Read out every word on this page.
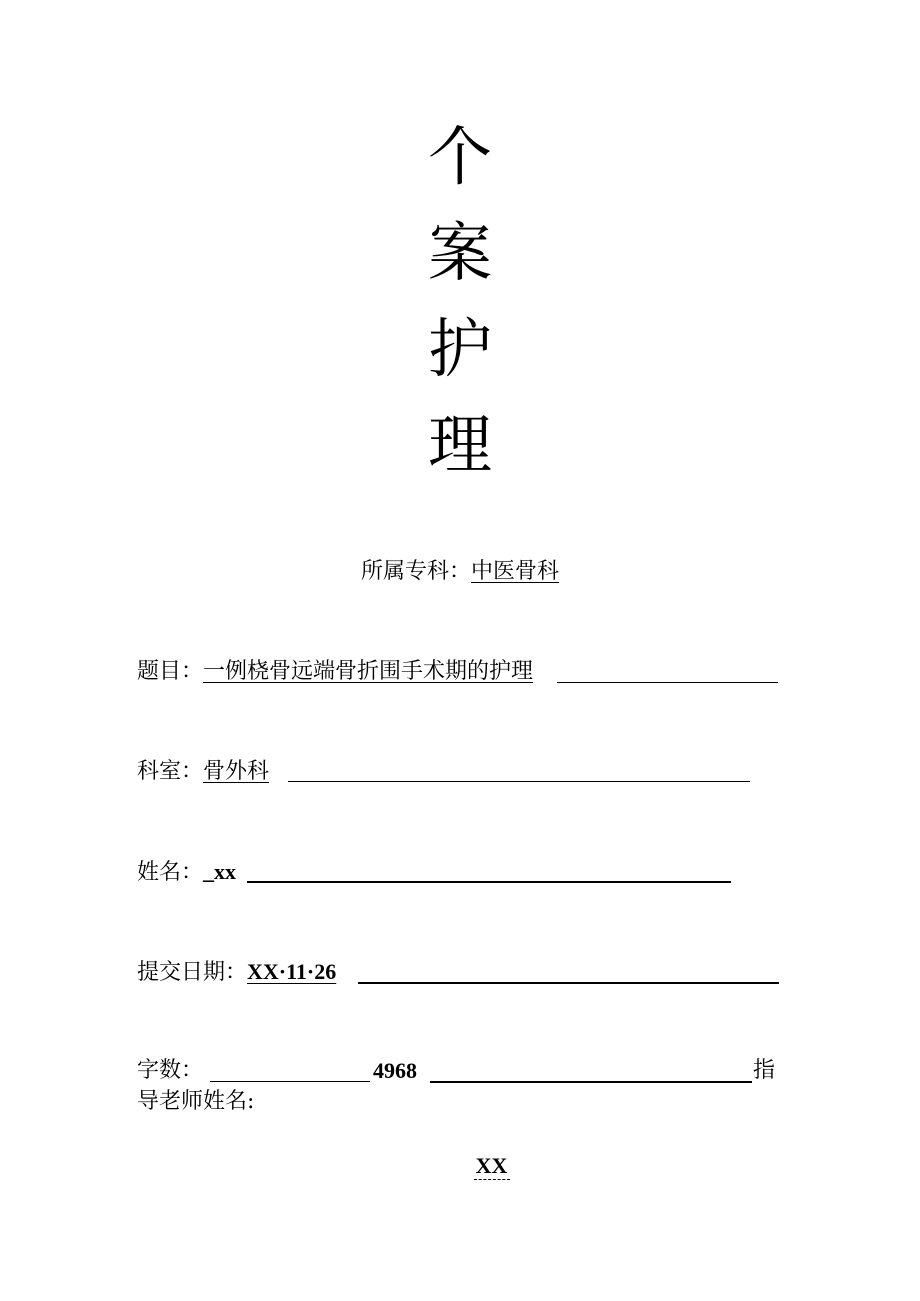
个
案
护
理
所属专科：中医骨科
题目：一例桡骨远端骨折围手术期的护理
科室：骨外科
姓名：_xx
提交日期：XX·11·26
字数：	4968	指
导老师姓名:
XX
